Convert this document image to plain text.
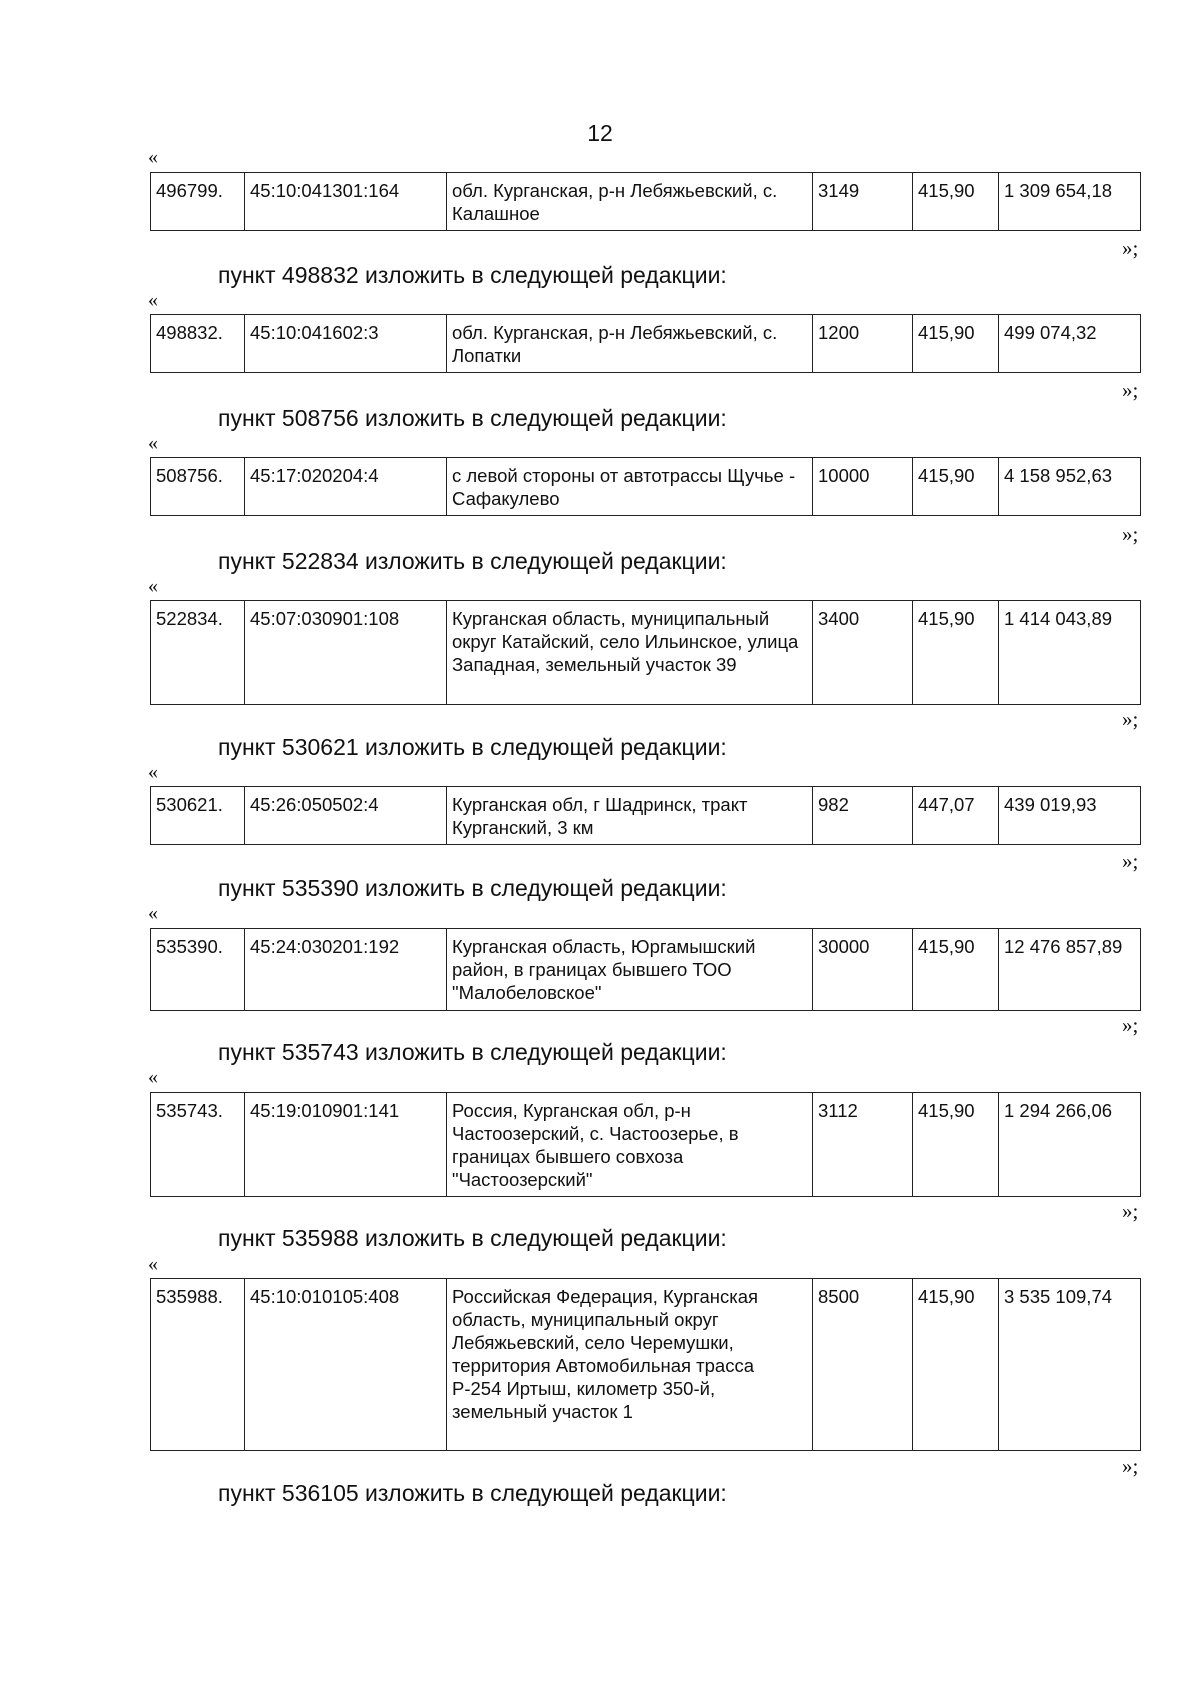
12
«
496799.	45:10:041301:164	обл. Курганская, р-н Лебяжьевский, с. Калашное	3149	415,90	1 309 654,18
»;
пункт 498832 изложить в следующей редакции:
«
498832.	45:10:041602:3	обл. Курганская, р-н Лебяжьевский, с. Лопатки	1200	415,90	499 074,32
»;
пункт 508756 изложить в следующей редакции:
«
508756.	45:17:020204:4	с левой стороны от автотрассы Щучье - Сафакулево	10000	415,90	4 158 952,63
»;
пункт 522834 изложить в следующей редакции:
«
522834.	45:07:030901:108	Курганская область, муниципальный округ Катайский, село Ильинское, улица Западная, земельный участок 39	3400	415,90	1 414 043,89
»;
пункт 530621 изложить в следующей редакции:
«
530621.	45:26:050502:4	Курганская обл, г Шадринск, тракт Курганский, 3 км	982	447,07	439 019,93
»;
пункт 535390 изложить в следующей редакции:
«
535390.	45:24:030201:192	Курганская область, Юргамышский район, в границах бывшего ТОО "Малобеловское"	30000	415,90	12 476 857,89
»;
пункт 535743 изложить в следующей редакции:
«
535743.	45:19:010901:141	Россия, Курганская обл, р-н Частоозерский, с. Частоозерье, в границах бывшего совхоза "Частоозерский"	3112	415,90	1 294 266,06
»;
пункт 535988 изложить в следующей редакции:
«
535988.	45:10:010105:408	Российская Федерация, Курганская область, муниципальный округ Лебяжьевский, село Черемушки, территория Автомобильная трасса Р-254 Иртыш, километр 350-й, земельный участок 1	8500	415,90	3 535 109,74
»;
пункт 536105 изложить в следующей редакции:
